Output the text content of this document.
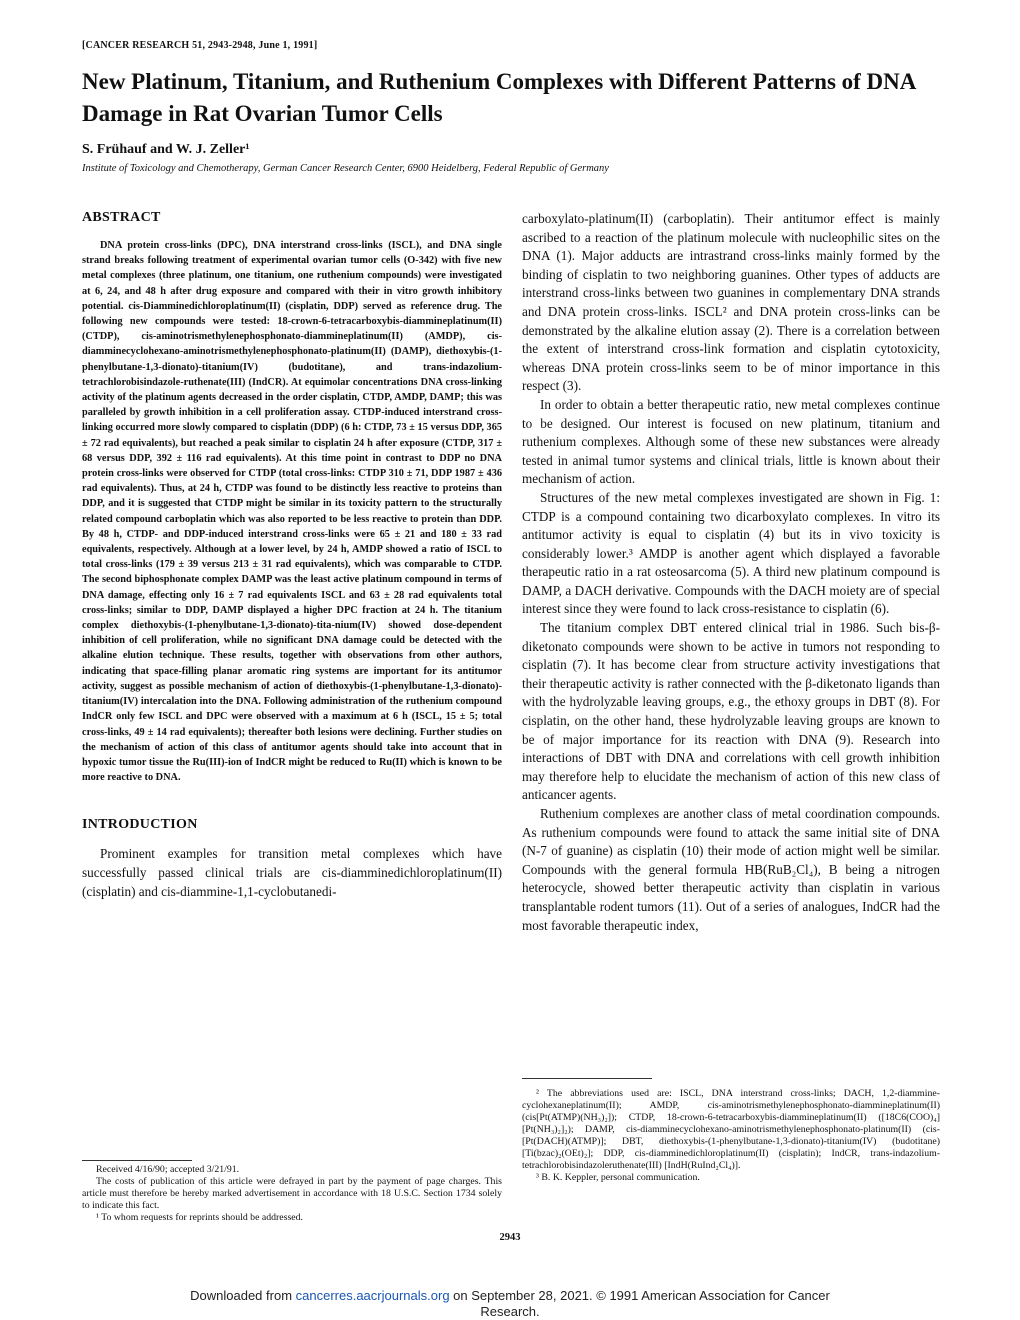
[CANCER RESEARCH 51, 2943-2948, June 1, 1991]
New Platinum, Titanium, and Ruthenium Complexes with Different Patterns of DNA Damage in Rat Ovarian Tumor Cells
S. Frühauf and W. J. Zeller¹
Institute of Toxicology and Chemotherapy, German Cancer Research Center, 6900 Heidelberg, Federal Republic of Germany
ABSTRACT

DNA protein cross-links (DPC), DNA interstrand cross-links (ISCL), and DNA single strand breaks following treatment of experimental ovarian tumor cells (O-342) with five new metal complexes (three platinum, one titanium, one ruthenium compounds) were investigated at 6, 24, and 48 h after drug exposure and compared with their in vitro growth inhibitory potential. cis-Diamminedichloroplatinum(II) (cisplatin, DDP) served as reference drug. The following new compounds were tested: 18-crown-6-tetracarboxybis-diammineplatinum(II) (CTDP), cis-aminotrismethylenephosphonato-diammineplatinum(II) (AMDP), cis-diamminecyclohexano-aminotrismethylenephosphonato-platinum(II) (DAMP), diethoxybis-(1-phenylbutane-1,3-dionato)-titanium(IV) (budotitane), and trans-indazolium-tetrachlorobisindazole-ruthenate(III) (IndCR). At equimolar concentrations DNA cross-linking activity of the platinum agents decreased in the order cisplatin, CTDP, AMDP, DAMP; this was paralleled by growth inhibition in a cell proliferation assay. CTDP-induced interstrand cross-linking occurred more slowly compared to cisplatin (DDP) (6 h: CTDP, 73 ± 15 versus DDP, 365 ± 72 rad equivalents), but reached a peak similar to cisplatin 24 h after exposure (CTDP, 317 ± 68 versus DDP, 392 ± 116 rad equivalents). At this time point in contrast to DDP no DNA protein cross-links were observed for CTDP (total cross-links: CTDP 310 ± 71, DDP 1987 ± 436 rad equivalents). Thus, at 24 h, CTDP was found to be distinctly less reactive to proteins than DDP, and it is suggested that CTDP might be similar in its toxicity pattern to the structurally related compound carboplatin which was also reported to be less reactive to protein than DDP. By 48 h, CTDP- and DDP-induced interstrand cross-links were 65 ± 21 and 180 ± 33 rad equivalents, respectively. Although at a lower level, by 24 h, AMDP showed a ratio of ISCL to total cross-links (179 ± 39 versus 213 ± 31 rad equivalents), which was comparable to CTDP. The second biphosphonate complex DAMP was the least active platinum compound in terms of DNA damage, effecting only 16 ± 7 rad equivalents ISCL and 63 ± 28 rad equivalents total cross-links; similar to DDP, DAMP displayed a higher DPC fraction at 24 h. The titanium complex diethoxybis-(1-phenylbutane-1,3-dionato)-tita-nium(IV) showed dose-dependent inhibition of cell proliferation, while no significant DNA damage could be detected with the alkaline elution technique. These results, together with observations from other authors, indicating that space-filling planar aromatic ring systems are important for its antitumor activity, suggest as possible mechanism of action of diethoxybis-(1-phenylbutane-1,3-dionato)-titanium(IV) intercalation into the DNA. Following administration of the ruthenium compound IndCR only few ISCL and DPC were observed with a maximum at 6 h (ISCL, 15 ± 5; total cross-links, 49 ± 14 rad equivalents); thereafter both lesions were declining. Further studies on the mechanism of action of this class of antitumor agents should take into account that in hypoxic tumor tissue the Ru(III)-ion of IndCR might be reduced to Ru(II) which is known to be more reactive to DNA.

INTRODUCTION

Prominent examples for transition metal complexes which have successfully passed clinical trials are cis-diamminedichloroplatinum(II) (cisplatin) and cis-diammine-1,1-cyclobutanedi-

Received 4/16/90; accepted 3/21/91.

The costs of publication of this article were defrayed in part by the payment of page charges. This article must therefore be hereby marked advertisement in accordance with 18 U.S.C. Section 1734 solely to indicate this fact.

¹ To whom requests for reprints should be addressed.

carboxylato-platinum(II) (carboplatin). Their antitumor effect is mainly ascribed to a reaction of the platinum molecule with nucleophilic sites on the DNA (1). Major adducts are intrastrand cross-links mainly formed by the binding of cisplatin to two neighboring guanines. Other types of adducts are interstrand cross-links between two guanines in complementary DNA strands and DNA protein cross-links. ISCL² and DNA protein cross-links can be demonstrated by the alkaline elution assay (2). There is a correlation between the extent of interstrand cross-link formation and cisplatin cytotoxicity, whereas DNA protein cross-links seem to be of minor importance in this respect (3).

In order to obtain a better therapeutic ratio, new metal complexes continue to be designed. Our interest is focused on new platinum, titanium and ruthenium complexes. Although some of these new substances were already tested in animal tumor systems and clinical trials, little is known about their mechanism of action.

Structures of the new metal complexes investigated are shown in Fig. 1: CTDP is a compound containing two dicarboxylato complexes. In vitro its antitumor activity is equal to cisplatin (4) but its in vivo toxicity is considerably lower.³ AMDP is another agent which displayed a favorable therapeutic ratio in a rat osteosarcoma (5). A third new platinum compound is DAMP, a DACH derivative. Compounds with the DACH moiety are of special interest since they were found to lack cross-resistance to cisplatin (6).

The titanium complex DBT entered clinical trial in 1986. Such bis-β-diketonato compounds were shown to be active in tumors not responding to cisplatin (7). It has become clear from structure activity investigations that their therapeutic activity is rather connected with the β-diketonato ligands than with the hydrolyzable leaving groups, e.g., the ethoxy groups in DBT (8). For cisplatin, on the other hand, these hydrolyzable leaving groups are known to be of major importance for its reaction with DNA (9). Research into interactions of DBT with DNA and correlations with cell growth inhibition may therefore help to elucidate the mechanism of action of this new class of anticancer agents.

Ruthenium complexes are another class of metal coordination compounds. As ruthenium compounds were found to attack the same initial site of DNA (N-7 of guanine) as cisplatin (10) their mode of action might well be similar. Compounds with the general formula HB(RuB₂Cl₄), B being a nitrogen heterocycle, showed better therapeutic activity than cisplatin in various transplantable rodent tumors (11). Out of a series of analogues, IndCR had the most favorable therapeutic index,

² The abbreviations used are: ISCL, DNA interstrand cross-links; DACH, 1,2-diammine-cyclohexaneplatinum(II); AMDP, cis-aminotrismethylenephosphonato-diammineplatinum(II) (cis[Pt(ATMP)(NH₃)₂]); CTDP, 18-crown-6-tetracarboxybis-diammineplatinum(II) ([18C6(COO)₄][Pt(NH₃)₂]₂); DAMP, cis-diamminecyclohexano-aminotrismethylenephosphonato-platinum(II) (cis-[Pt(DACH)(ATMP)]; DBT, diethoxybis-(1-phenylbutane-1,3-dionato)-titanium(IV) (budotitane) [Ti(bzac)₂(OEt)₂]; DDP, cis-diamminedichloroplatinum(II) (cisplatin); IndCR, trans-indazolium-tetrachlorobisindazoleruthenate(III) [IndH(RuInd₂Cl₄)].

³ B. K. Keppler, personal communication.

2943
Downloaded from cancerres.aacrjournals.org on September 28, 2021. © 1991 American Association for Cancer
Research.
